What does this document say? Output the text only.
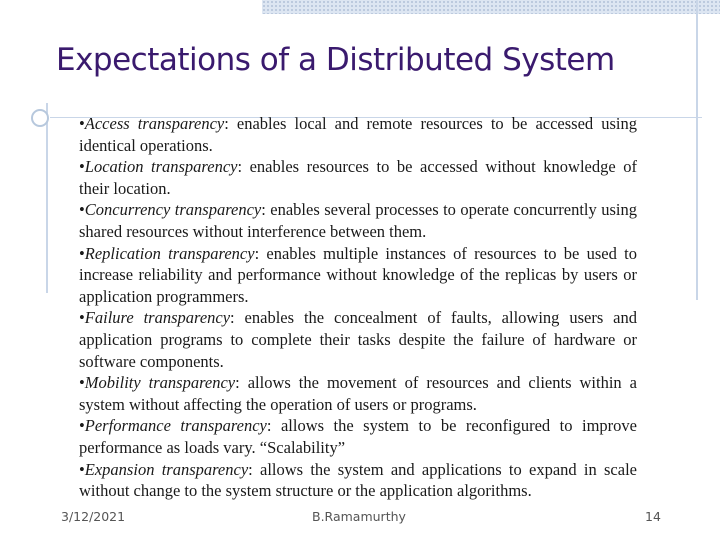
Expectations of a Distributed System

•Access transparency: enables local and remote resources to be accessed using identical operations.

•Location transparency: enables resources to be accessed without knowledge of their location.

•Concurrency transparency: enables several processes to operate concurrently using shared resources without interference between them.

•Replication transparency: enables multiple instances of resources to be used to increase reliability and performance without knowledge of the replicas by users or application programmers.

•Failure transparency: enables the concealment of faults, allowing users and application programs to complete their tasks despite the failure of hardware or software components.

•Mobility transparency: allows the movement of resources and clients within a system without affecting the operation of users or programs.

•Performance transparency: allows the system to be reconfigured to improve performance as loads vary. “Scalability”

•Expansion transparency: allows the system and applications to expand in scale without change to the system structure or the application algorithms.

3/12/2021	B.Ramamurthy	14
